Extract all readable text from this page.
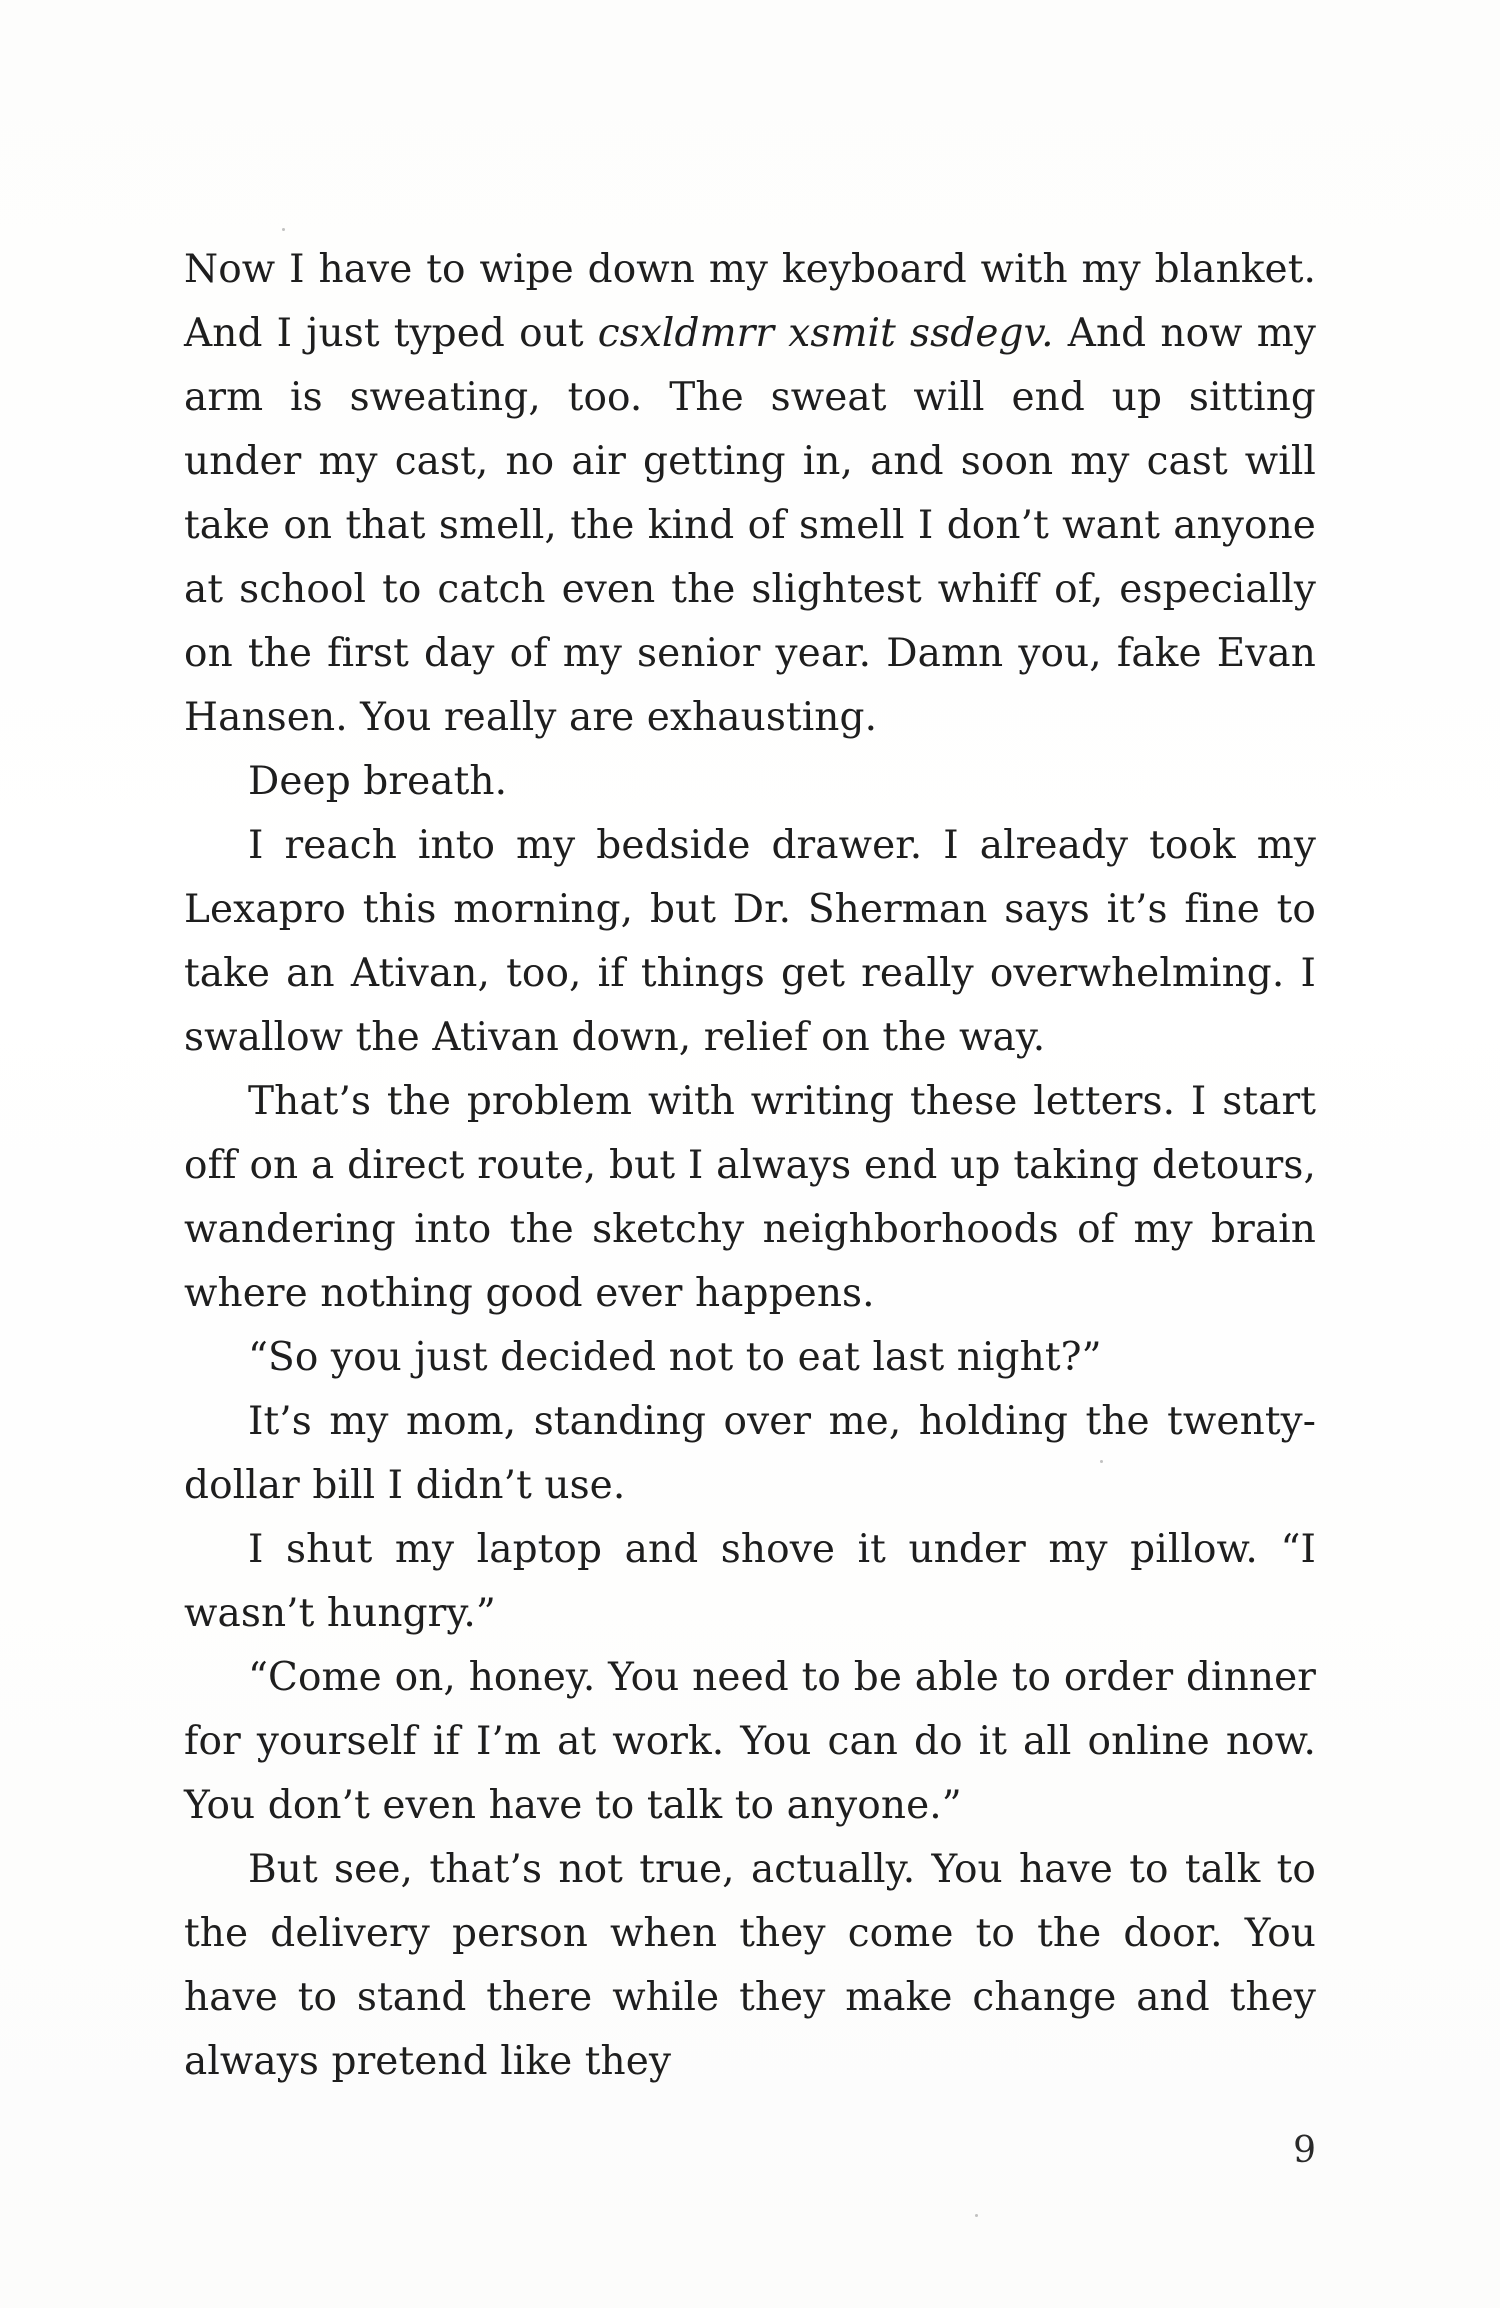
Now I have to wipe down my keyboard with my blanket. And I just typed out csxldmrr xsmit ssdegv. And now my arm is sweating, too. The sweat will end up sitting under my cast, no air getting in, and soon my cast will take on that smell, the kind of smell I don’t want anyone at school to catch even the slightest whiff of, especially on the first day of my senior year. Damn you, fake Evan Hansen. You really are exhausting.

Deep breath.

I reach into my bedside drawer. I already took my Lexapro this morning, but Dr. Sherman says it’s fine to take an Ativan, too, if things get really overwhelming. I swallow the Ativan down, relief on the way.

That’s the problem with writing these letters. I start off on a direct route, but I always end up taking detours, wandering into the sketchy neighborhoods of my brain where nothing good ever happens.

“So you just decided not to eat last night?”

It’s my mom, standing over me, holding the twenty-dollar bill I didn’t use.

I shut my laptop and shove it under my pillow. “I wasn’t hungry.”

“Come on, honey. You need to be able to order dinner for yourself if I’m at work. You can do it all online now. You don’t even have to talk to anyone.”

But see, that’s not true, actually. You have to talk to the delivery person when they come to the door. You have to stand there while they make change and they always pretend like they

9
